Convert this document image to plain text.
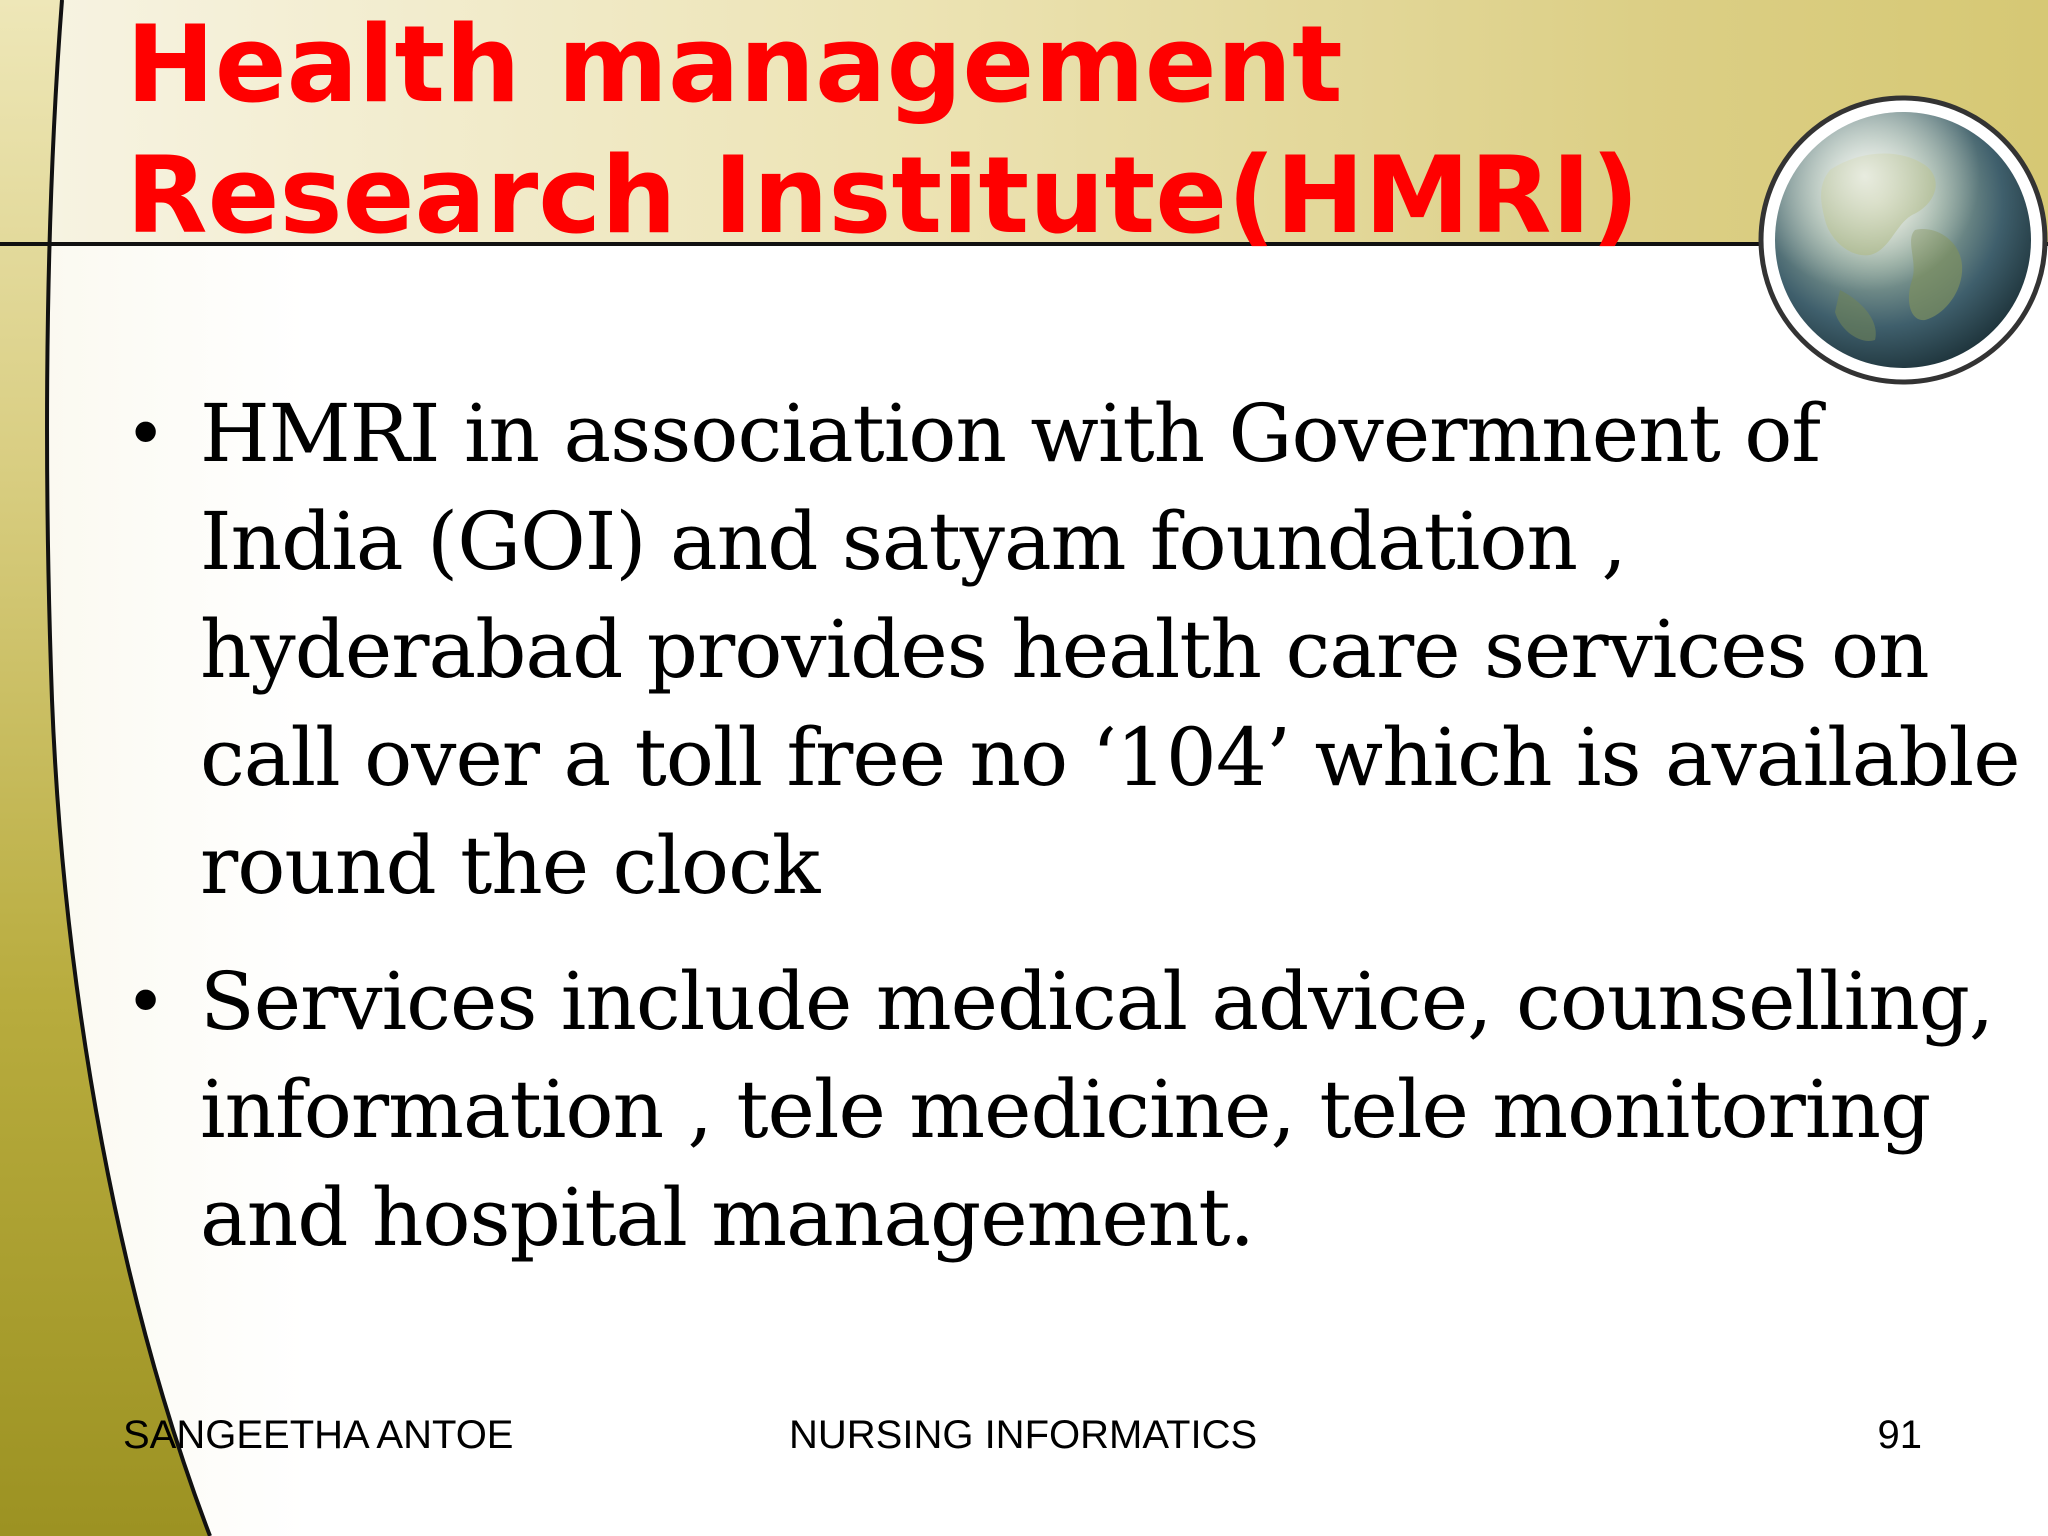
Health management
Research Institute(HMRI)
• HMRI in association with Govermnent of
India (GOI) and satyam foundation ,
hyderabad provides health care services on
call over a toll free no ‘104’ which is available
round the clock
• Services include medical advice, counselling,
information , tele medicine, tele monitoring
and hospital management.
SANGEETHA ANTOE	NURSING INFORMATICS	91
